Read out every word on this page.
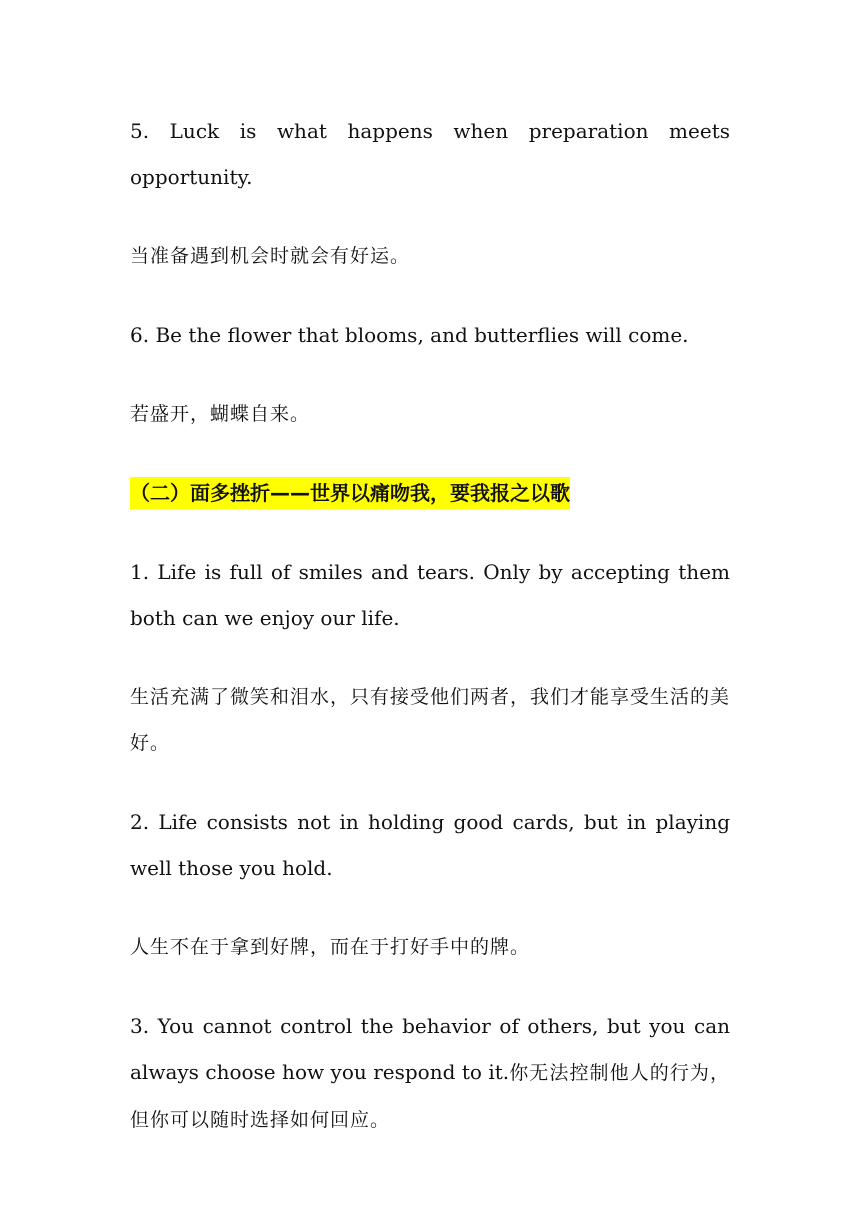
5. Luck is what happens when preparation meets opportunity.

当准备遇到机会时就会有好运。

6. Be the flower that blooms, and butterflies will come.

若盛开，蝴蝶自来。

（二）面多挫折——世界以痛吻我，要我报之以歌

1. Life is full of smiles and tears. Only by accepting them both can we enjoy our life.

生活充满了微笑和泪水，只有接受他们两者，我们才能享受生活的美好。

2. Life consists not in holding good cards, but in playing well those you hold.

人生不在于拿到好牌，而在于打好手中的牌。

3. You cannot control the behavior of others, but you can always choose how you respond to it.你无法控制他人的行为，但你可以随时选择如何回应。
